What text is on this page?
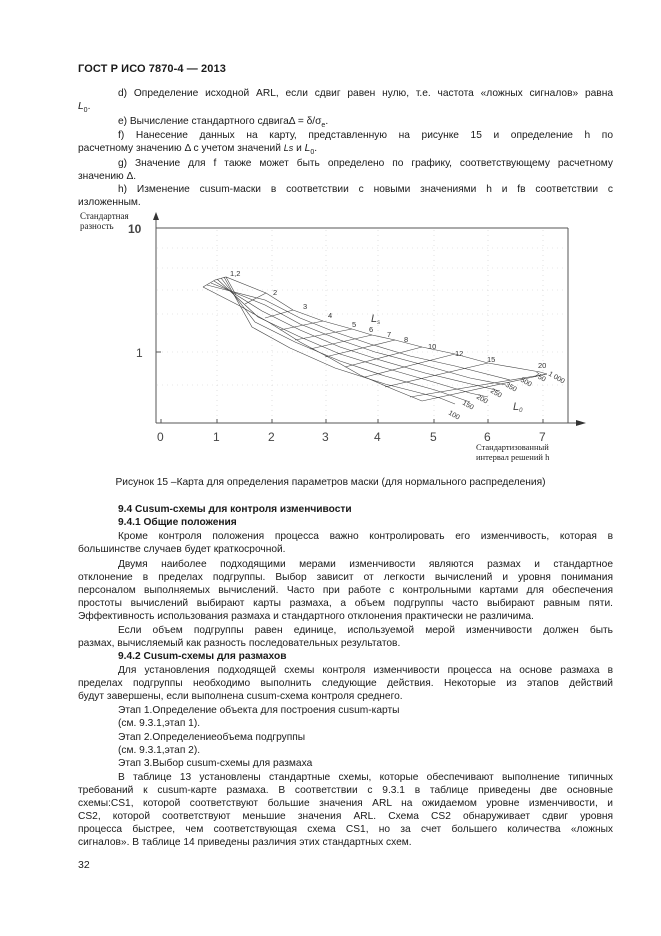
ГОСТ Р ИСО 7870-4 — 2013
d) Определение исходной ARL, если сдвиг равен нулю, т.е. частота «ложных сигналов» равна
$L_0$.
e) Вычисление стандартного сдвигаΔ = $\delta/\sigma_e$.
f) Нанесение данных на карту, представленную на рисунке 15 и определение h по
расчетному значению Δ с учетом значений Ls и $L_0$.
g) Значение для f также может быть определено по графику, соответствующему расчетному
значению Δ.
h) Изменение cusum-маски в соответствии с новыми значениями h и fв соответствии с
изложенным.
Стандартная
разность
1,2
2
3
4
5
6
7
8
10
12
15
20
100
150
200
250
350 500 750 1 000
Ls
L0
10
1
0	1	2	3	4	5	6	7
Стандартизованный
интервал решений h
Рисунок 15 –Карта для определения параметров маски (для нормального распределения)
9.4 Cusum-схемы для контроля изменчивости
9.4.1 Общие положения
Кроме контроля положения процесса важно контролировать его изменчивость, которая в
большинстве случаев будет краткосрочной.
Двумя наиболее подходящими мерами изменчивости являются размах и стандартное
отклонение в пределах подгруппы. Выбор зависит от легкости вычислений и уровня понимания
персоналом выполняемых вычислений. Часто при работе с контрольными картами для обеспечения
простоты вычислений выбирают карты размаха, а объем подгруппы часто выбирают равным пяти.
Эффективность использования размаха и стандартного отклонения практически не различима.
Если объем подгруппы равен единице, используемой мерой изменчивости должен быть
размах, вычисляемый как разность последовательных результатов.
9.4.2 Cusum-схемы для размахов
Для установления подходящей схемы контроля изменчивости процесса на основе размаха в
пределах подгруппы необходимо выполнить следующие действия. Некоторые из этапов действий
будут завершены, если выполнена cusum-схема контроля среднего.
Этап 1.Определение объекта для построения cusum-карты
(см. 9.3.1,этап 1).
Этап 2.Определениеобъема подгруппы
(см. 9.3.1,этап 2).
Этап 3.Выбор cusum-схемы для размаха
В таблице 13 установлены стандартные схемы, которые обеспечивают выполнение типичных
требований к cusum-карте размаха. В соответствии с 9.3.1 в таблице приведены две основные
схемы:CS1, которой соответствуют большие значения ARL на ожидаемом уровне изменчивости, и
CS2, которой соответствуют меньшие значения ARL. Схема CS2 обнаруживает сдвиг уровня
процесса быстрее, чем соответствующая схема CS1, но за счет большего количества «ложных
сигналов». В таблице 14 приведены различия этих стандартных схем.
32
